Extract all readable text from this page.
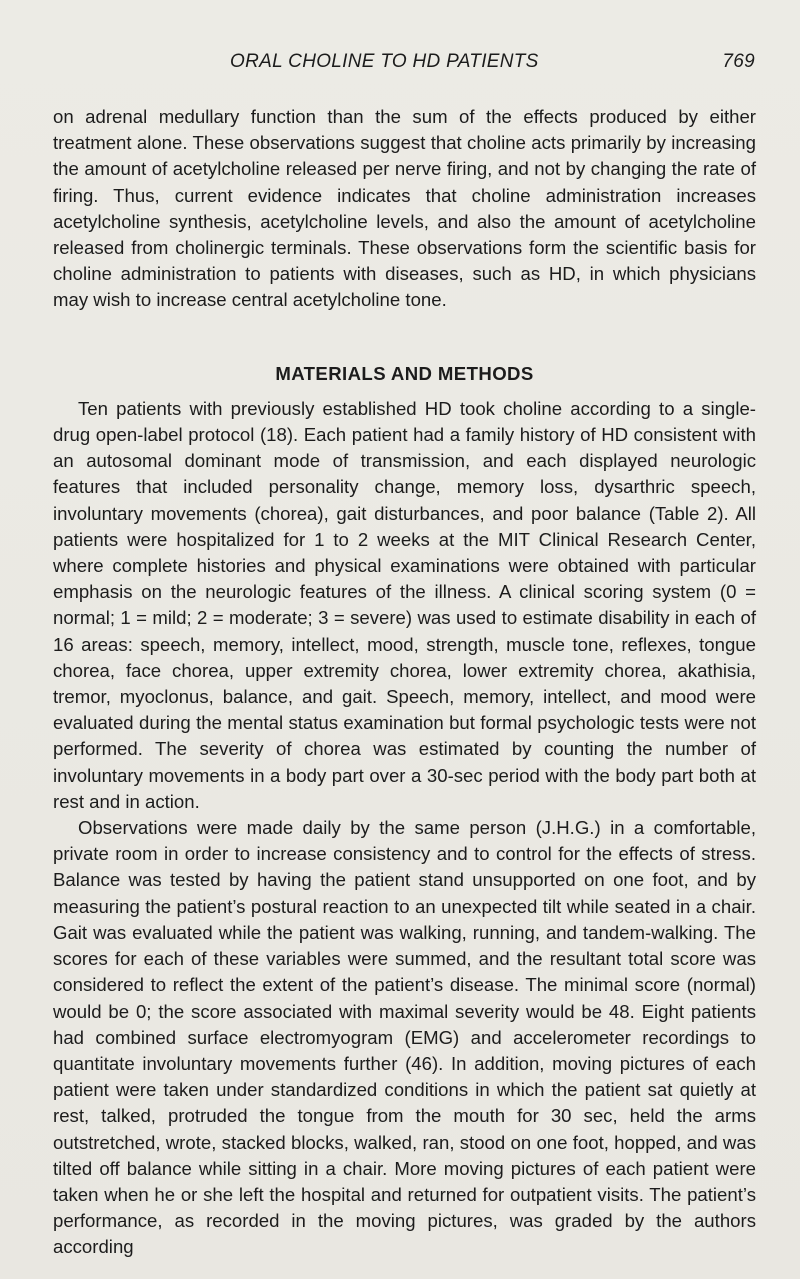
ORAL CHOLINE TO HD PATIENTS	769

on adrenal medullary function than the sum of the effects produced by either treatment alone. These observations suggest that choline acts primarily by increasing the amount of acetylcholine released per nerve firing, and not by changing the rate of firing. Thus, current evidence indicates that choline administration increases acetylcholine synthesis, acetylcholine levels, and also the amount of acetylcholine released from cholinergic terminals. These observations form the scientific basis for choline administration to patients with diseases, such as HD, in which physicians may wish to increase central acetylcholine tone.

MATERIALS AND METHODS

Ten patients with previously established HD took choline according to a single-drug open-label protocol (18). Each patient had a family history of HD consistent with an autosomal dominant mode of transmission, and each displayed neurologic features that included personality change, memory loss, dysarthric speech, involuntary movements (chorea), gait disturbances, and poor balance (Table 2). All patients were hospitalized for 1 to 2 weeks at the MIT Clinical Research Center, where complete histories and physical examinations were obtained with particular emphasis on the neurologic features of the illness. A clinical scoring system (0 = normal; 1 = mild; 2 = moderate; 3 = severe) was used to estimate disability in each of 16 areas: speech, memory, intellect, mood, strength, muscle tone, reflexes, tongue chorea, face chorea, upper extremity chorea, lower extremity chorea, akathisia, tremor, myoclonus, balance, and gait. Speech, memory, intellect, and mood were evaluated during the mental status examination but formal psychologic tests were not performed. The severity of chorea was estimated by counting the number of involuntary movements in a body part over a 30-sec period with the body part both at rest and in action.

Observations were made daily by the same person (J.H.G.) in a comfortable, private room in order to increase consistency and to control for the effects of stress. Balance was tested by having the patient stand unsupported on one foot, and by measuring the patient’s postural reaction to an unexpected tilt while seated in a chair. Gait was evaluated while the patient was walking, running, and tandem-walking. The scores for each of these variables were summed, and the resultant total score was considered to reflect the extent of the patient’s disease. The minimal score (normal) would be 0; the score associated with maximal severity would be 48. Eight patients had combined surface electromyogram (EMG) and accelerometer recordings to quantitate involuntary movements further (46). In addition, moving pictures of each patient were taken under standardized conditions in which the patient sat quietly at rest, talked, protruded the tongue from the mouth for 30 sec, held the arms outstretched, wrote, stacked blocks, walked, ran, stood on one foot, hopped, and was tilted off balance while sitting in a chair. More moving pictures of each patient were taken when he or she left the hospital and returned for outpatient visits. The patient’s performance, as recorded in the moving pictures, was graded by the authors according
